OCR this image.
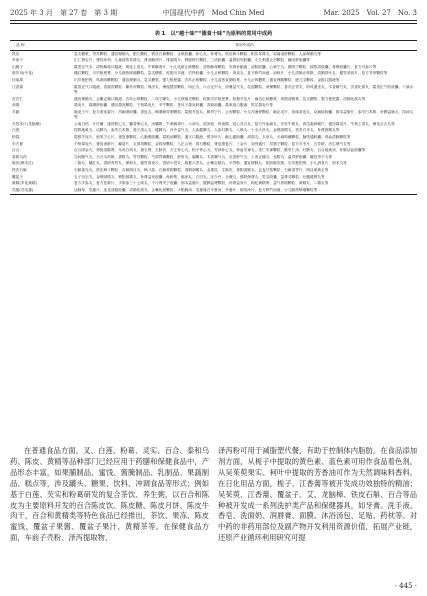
2025 年 3 月　第 27 卷　第 3 期	中国现代中药　Mod Chin Med	Mar. 2025　Vol. 27　No. 3
表 1　以“越十味”“德食十味”为原料的常用中成药
品 种	常用中成药
铁皮	急支糖浆、胃苏颗粒、通宣理肺丸、肥儿颗粒、铁皮石斛颗粒、止咳胶囊、补心丸、补肾丸、铁皮枫斗颗粒、积实导滞丸、双离清肝颗粒、人参保肺丸等
车前子	汇仁肾宝片、肾结冲剂、儿童清热导滞丸、肾炎解热片、排湿明片、利胆排石颗粒、三清胶囊、温肾前列胶囊、小儿利湿止泻颗粒、癃闭舒胶囊等
山栀子	藿香正气水、清热解毒口服液、黄连上清丸、牛黄解毒片、小儿化痰止咳颗粒、清热解毒颗粒、安神补脑液、清胆胶囊、心神宁丸、镇咳宁颗粒、痰热清胶囊、骨痹胶囊片、复方丹参片等
浙贝母(中花)	橘红颗粒、川贝枇杷膏、小儿肺热咳喘颗粒、急支糖浆、蛇胆川贝液、贝羚胶囊、小儿止咳颗粒、消炎丸、复方鲜竹沥液、治咳片、小儿清肺止咳散、清肺抑火丸、健胃消食片、复方甘草颗粒等
信前胡	川贝枇杷膏、风寒咳嗽颗粒、通宣理肺丸、急支糖浆、强力枇杷露、杏苏止咳颗粒、小儿清热宣肺贴膏、小儿止咳糖浆、通宣理肺颗粒、肥儿宝颗粒、金振口服液等
江香薷	藿香正气口服液、香薷饮颗粒、紫苏叶颗粒、保济丸、暑湿感冒颗粒、四正丸、六合定中丸、清暑益气丸、化湿颗粒、消暑颗粒、香苏正胃丸、防风通圣丸、木香顺气丸、沉香化滞丸、藿香正气软胶囊、十滴水等
苦杏仁	通宣理肺丸、止嗽定喘口服液、杏苏止咳颗粒、二母宁嗽丸、小儿咳喘灵颗粒、蛇胆川贝枇杷膏、桔梗冬花片、麻杏止咳糖浆、养阴清肺膏、急支糖浆、强力枇杷露、清肺化痰丸等
前胡	鼻炎片、鼻渊舒胶囊、通窍鼻炎颗粒、千柏鼻炎片、辛芩颗粒、苍耳子鼻炎胶囊、香菊胶囊、鼻窦炎口服液、防芷鼻炎片等
羊蹄	肠炎宁片、复方黄连素片、泻痢消胶囊、香连丸、枫蓼肠胃康颗粒、葛根芩连丸、肠胃宁片、止泻颗粒、小儿泻速停颗粒、痢必灵片、加味香连丸、克痢痧胶囊、固本益肠片、参苓白术散、补脾益肠丸、四神丸等
天然冰片(龙脑樟)	云南白药、片仔癀、速效救心丸、麝香保心丸、冰硼散、牛黄解毒片、六神丸、清凉油、风油精、冠心苏合丸、复方丹参滴丸、安宫牛黄丸、西瓜霜润喉片、通窍鼻炎片、牛黄上清丸、梅花点舌丸等
白莲	桂附地黄丸、启脾丸、参苓白术散、莲子清心丸、健脾丸、补中益气丸、人参健脾丸、人参归脾丸、八珍丸、十全大补丸、金锁固精丸、茯苓白术丸、补肾固精丸等
粉葛	葛根芩连片、愈风宁心片、颈复康颗粒、心脑康胶囊、葛根汤颗粒、通天口服液、银杏叶片、脑心通胶囊、消渴丸、玉泉丸、天麻钩藤颗粒、脑络通胶囊、养血清脑颗粒等
东方夏	千柏鼻炎片、肾炎消肿片、癃清片、玉屏风颗粒、金钱草颗粒、八正合剂、排石颗粒、肾炎康复片、三金片、前列通片、尿感宁颗粒、复方石韦片、五苓散、济生肾气丸等
百合	百合固金丸、养阴清肺膏、乌鸡白凤丸、琼玉膏、生脉饮、天王补心丸、柏子养心丸、安神补心丸、养血安神丸、枣仁安神颗粒、酸枣仁汤、归脾丸、百合地黄汤、补肺活血胶囊等
茶树乌药	乌药顺气丸、天台乌药散、香附丸、胃苏颗粒、气滞胃痛颗粒、舒肝丸、越鞠丸、木香顺气丸、沉香舒气丸、十香止痛丸、良附丸、温胃舒胶囊、暖宫孕子丸等
陈皮(樟木红)	二陈丸、橘红丸、香砂养胃丸、保和丸、健胃消食片、香砂六君丸、陈夏六君丸、止嗽定喘丸、平胃散、通宣理肺丸、蛇胆陈皮散、川贝枇杷膏、小儿消食片、枳术丸等
铁皮石斛	石斛夜光丸、铁皮枫斗颗粒、石斛明目丸、枫斗晶、石斛养阴颗粒、清咽润喉丸、金果饮、生脉饮、养阴清肺丸、玄麦甘桔颗粒、石斛清胃片、明目地黄丸等
覆盆子	五子衍宗丸、金锁固精丸、锁阳固精丸、补肾益寿胶囊、龟龄集、缩泉丸、右归丸、还少丹、全鹿丸、强阳保肾丸、男宝胶囊、益肾灵颗粒、壮腰健肾丸等
黄精(多花黄精)	复方手参丸、复方芪黄片、手掌参三十七味丸、千斤肾安宁胶囊、固本益肠片、健脾益肾颗粒、补肾益寿片、枸杞黄精膏、益气养阴颗粒、黄精丸、二精丸等
瓜蒌(苏瓜蒌)	达肺草、瓜蒌片、连花清瘟胶囊、清肺化痰丸、止嗽化痰颗粒、小陷胸汤、瓜蒌薤白半夏汤、丹蒌片、痰咳净片、复方鲜竹沥液、小儿肺热咳喘颗粒等
在普通食品方面，叉、白莲、粉葛、灵实、百合、泰和乌药、陈皮、黄精等品种部门已经应用于药膳和保健食品中，产品形态丰富，如果脯制品、蜜饯、酱腌制品、乳制品、果蔬制品、糕点等，涉及罐头、糖果、饮料、冲调食品等形式；例如基于白莲、芡实和粉葛研发的复合茶饮、养生粥，以百合和陈皮为主要原料开发的百合陈皮饮、陈皮糖、陈皮月饼、陈皮牛肉干，百合和黄精类等特色食品已经推出，茶饮、果冻、陈皮蜜饯、覆盆子果酱、覆盆子果汁、黄精茶等。在保健食品方面，车前子壳粉、泽泻提取物、
泽泻粉可用于减脂塑代餐，有助于控制体内脂肪。在食品添加剂方面，从栀子中提取的黄色素、蓝色素可用作食品着色剂，从吴茱萸果实、柯叶中提取的芳香油可作为天然调味料香料。在日化用品方面，栀子、江香薷等被开发成功效独特的精油；吴茱萸、江香薷、覆盆子、艾、龙脑樟、铁皮石斛、百合等品种被开发成一系列洗护类产品和保健器具，如牙膏、洗手液、香皂、洗面奶、润唇膏、面膜、沐浴汤包、足贴、药枕等。对中药的非药用部位及副产物开发利用资源价值，拓展产业链，还原产业循环利用研究可提
· 445 ·
